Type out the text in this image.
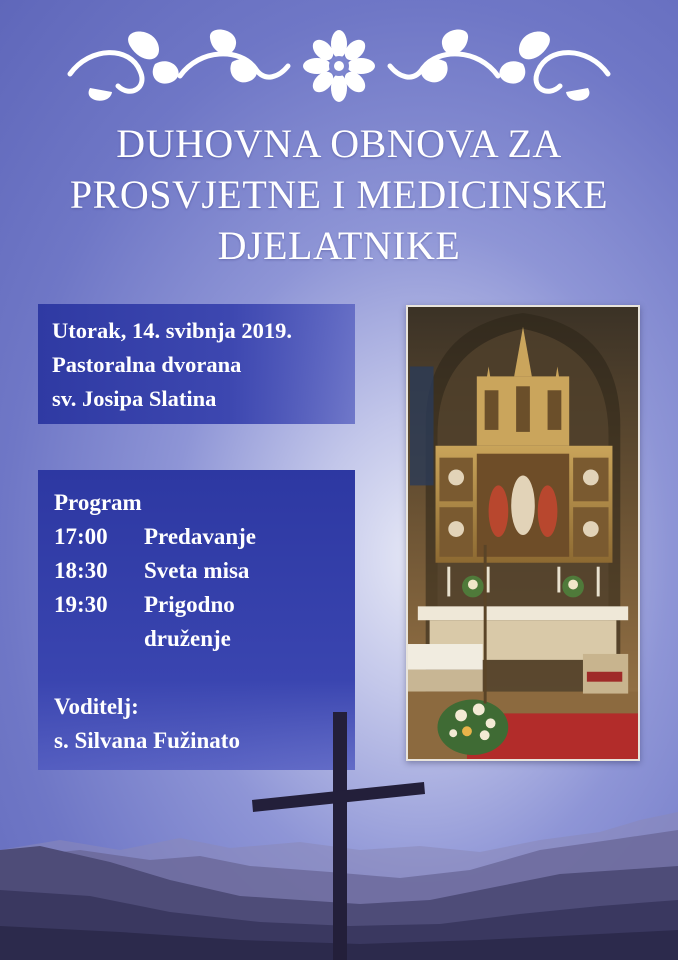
DUHOVNA OBNOVA ZA
PROSVJETNE I MEDICINSKE
DJELATNIKE
Utorak, 14. svibnja 2019.
Pastoralna dvorana
sv. Josipa Slatina
Program
17:00	Predavanje
18:30	Sveta misa
19:30	Prigodno
druženje
Voditelj:
s. Silvana Fužinato
